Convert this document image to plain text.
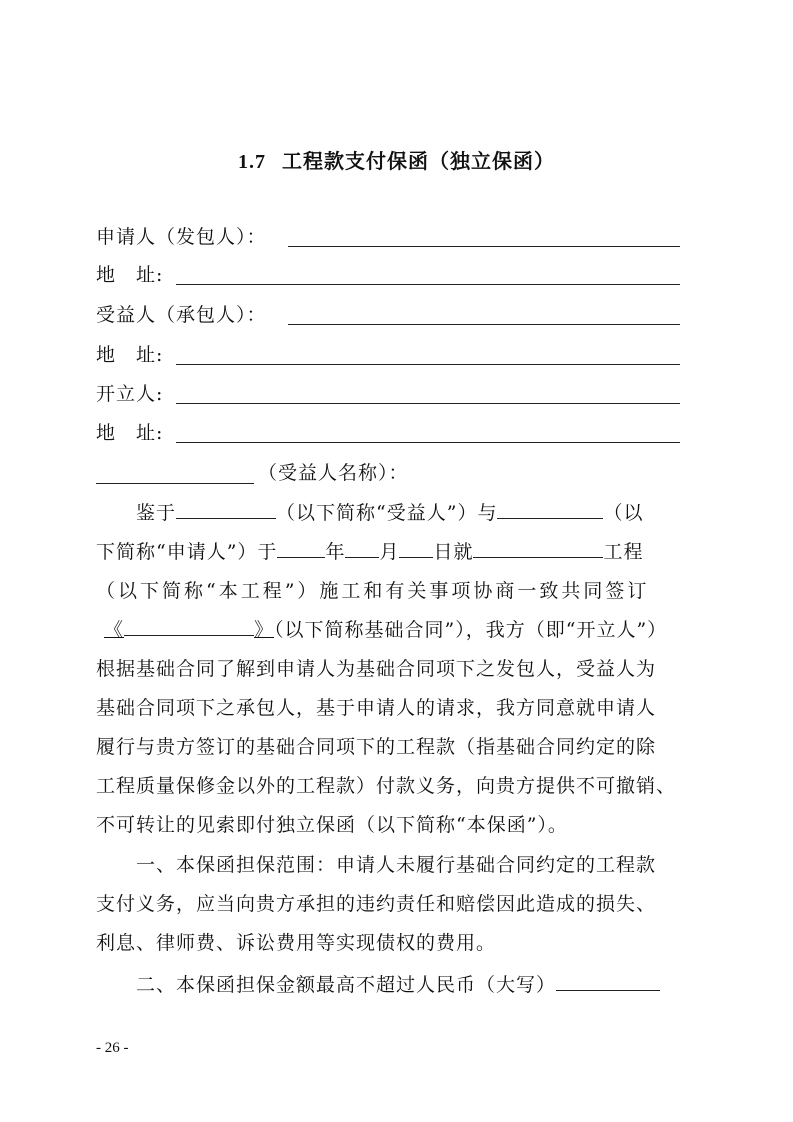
1.7 工程款支付保函（独立保函）
申请人（发包人）：
地　址:
受益人（承包人）：
地　址:
开立人:
地　址:
（受益人名称）：
　　鉴于	（以下简称“受益人”）与	（以
下简称“申请人”）于	年 月 日就	工程
（以下简称“本工程”）施工和有关事项协商一致共同签订
《	》（以下简称基础合同”），我方（即“开立人”）
根据基础合同了解到申请人为基础合同项下之发包人，受益人为
基础合同项下之承包人，基于申请人的请求，我方同意就申请人
履行与贵方签订的基础合同项下的工程款（指基础合同约定的除
工程质量保修金以外的工程款）付款义务，向贵方提供不可撤销、
不可转让的见索即付独立保函（以下简称“本保函”）。
　　一、本保函担保范围：申请人未履行基础合同约定的工程款
支付义务，应当向贵方承担的违约责任和赔偿因此造成的损失、
利息、律师费、诉讼费用等实现债权的费用。
　　二、本保函担保金额最高不超过人民币（大写）
- 26 -
